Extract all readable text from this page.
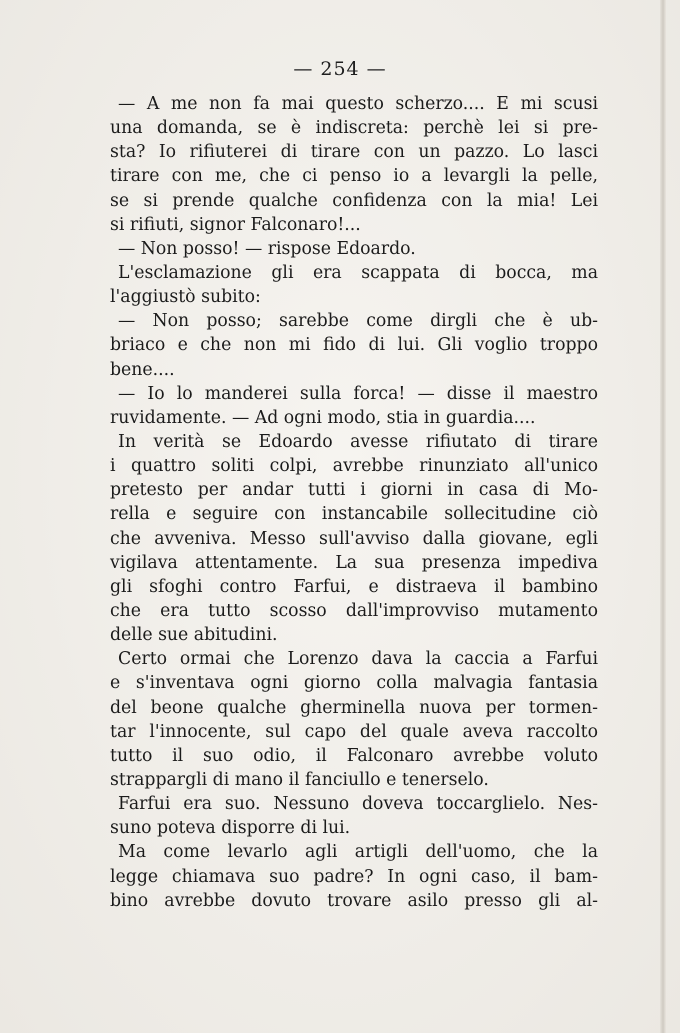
— 254 —
— A me non fa mai questo scherzo.... E mi scusi
una domanda, se è indiscreta: perchè lei si pre-
sta? Io rifiuterei di tirare con un pazzo. Lo lasci
tirare con me, che ci penso io a levargli la pelle,
se si prende qualche confidenza con la mia! Lei
si rifiuti, signor Falconaro!...
— Non posso! — rispose Edoardo.
L'esclamazione gli era scappata di bocca, ma
l'aggiustò subito:
— Non posso; sarebbe come dirgli che è ub-
briaco e che non mi fido di lui. Gli voglio troppo
bene....
— Io lo manderei sulla forca! — disse il maestro
ruvidamente. — Ad ogni modo, stia in guardia....
In verità se Edoardo avesse rifiutato di tirare
i quattro soliti colpi, avrebbe rinunziato all'unico
pretesto per andar tutti i giorni in casa di Mo-
rella e seguire con instancabile sollecitudine ciò
che avveniva. Messo sull'avviso dalla giovane, egli
vigilava attentamente. La sua presenza impediva
gli sfoghi contro Farfui, e distraeva il bambino
che era tutto scosso dall'improvviso mutamento
delle sue abitudini.
Certo ormai che Lorenzo dava la caccia a Farfui
e s'inventava ogni giorno colla malvagia fantasia
del beone qualche gherminella nuova per tormen-
tar l'innocente, sul capo del quale aveva raccolto
tutto il suo odio, il Falconaro avrebbe voluto
strappargli di mano il fanciullo e tenerselo.
Farfui era suo. Nessuno doveva toccarglielo. Nes-
suno poteva disporre di lui.
Ma come levarlo agli artigli dell'uomo, che la
legge chiamava suo padre? In ogni caso, il bam-
bino avrebbe dovuto trovare asilo presso gli al-
